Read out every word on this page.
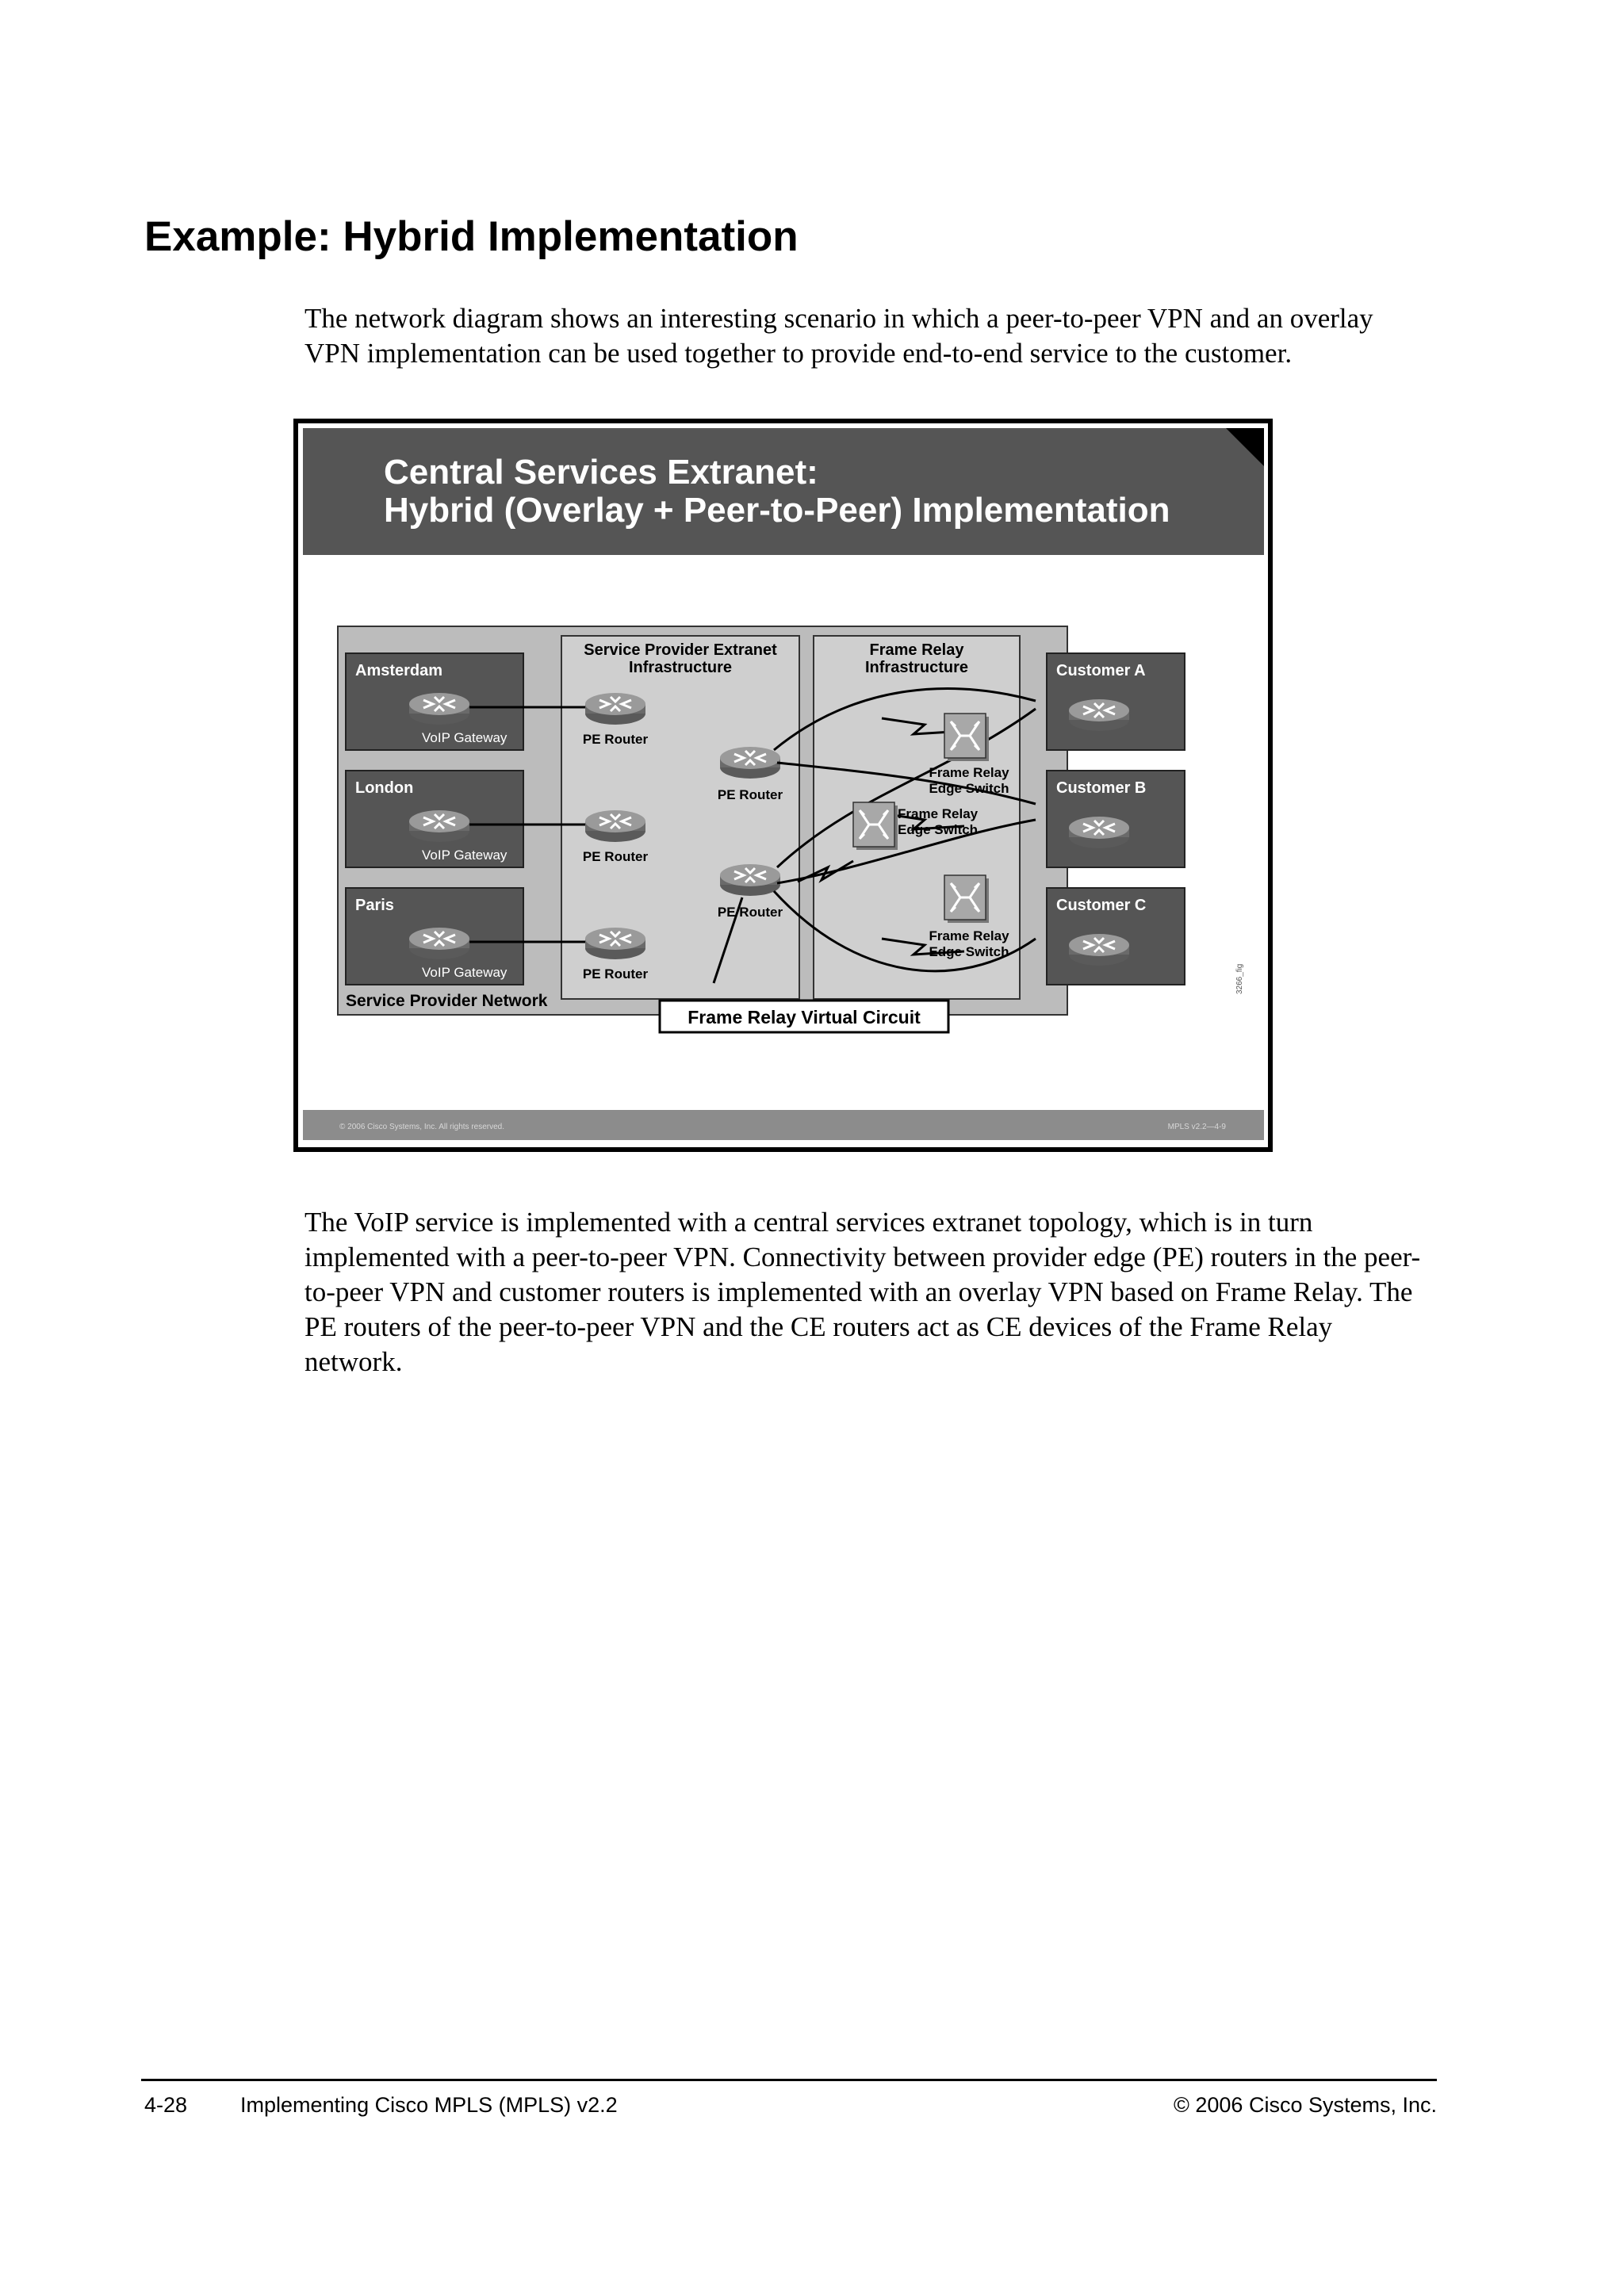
Example: Hybrid Implementation
The network diagram shows an interesting scenario in which a peer-to-peer VPN and an overlay VPN implementation can be used together to provide end-to-end service to the customer.
Central Services Extranet:
Hybrid (Overlay + Peer-to-Peer) Implementation
Service Provider Network
Service Provider Extranet
Infrastructure
Frame Relay
Infrastructure
Amsterdam
VoIP Gateway
London
VoIP Gateway
Paris
VoIP Gateway
PE Router
PE Router
PE Router
PE Router
PE Router
Frame Relay
Edge Switch
Frame Relay
Edge Switch
Frame Relay
Edge Switch
Customer A
Customer B
Customer C
3266_fig
Frame Relay Virtual Circuit
© 2006 Cisco Systems, Inc. All rights reserved.	MPLS v2.2—4-9
The VoIP service is implemented with a central services extranet topology, which is in turn implemented with a peer-to-peer VPN. Connectivity between provider edge (PE) routers in the peer-to-peer VPN and customer routers is implemented with an overlay VPN based on Frame Relay. The PE routers of the peer-to-peer VPN and the CE routers act as CE devices of the Frame Relay network.
4-28 Implementing Cisco MPLS (MPLS) v2.2	© 2006 Cisco Systems, Inc.
